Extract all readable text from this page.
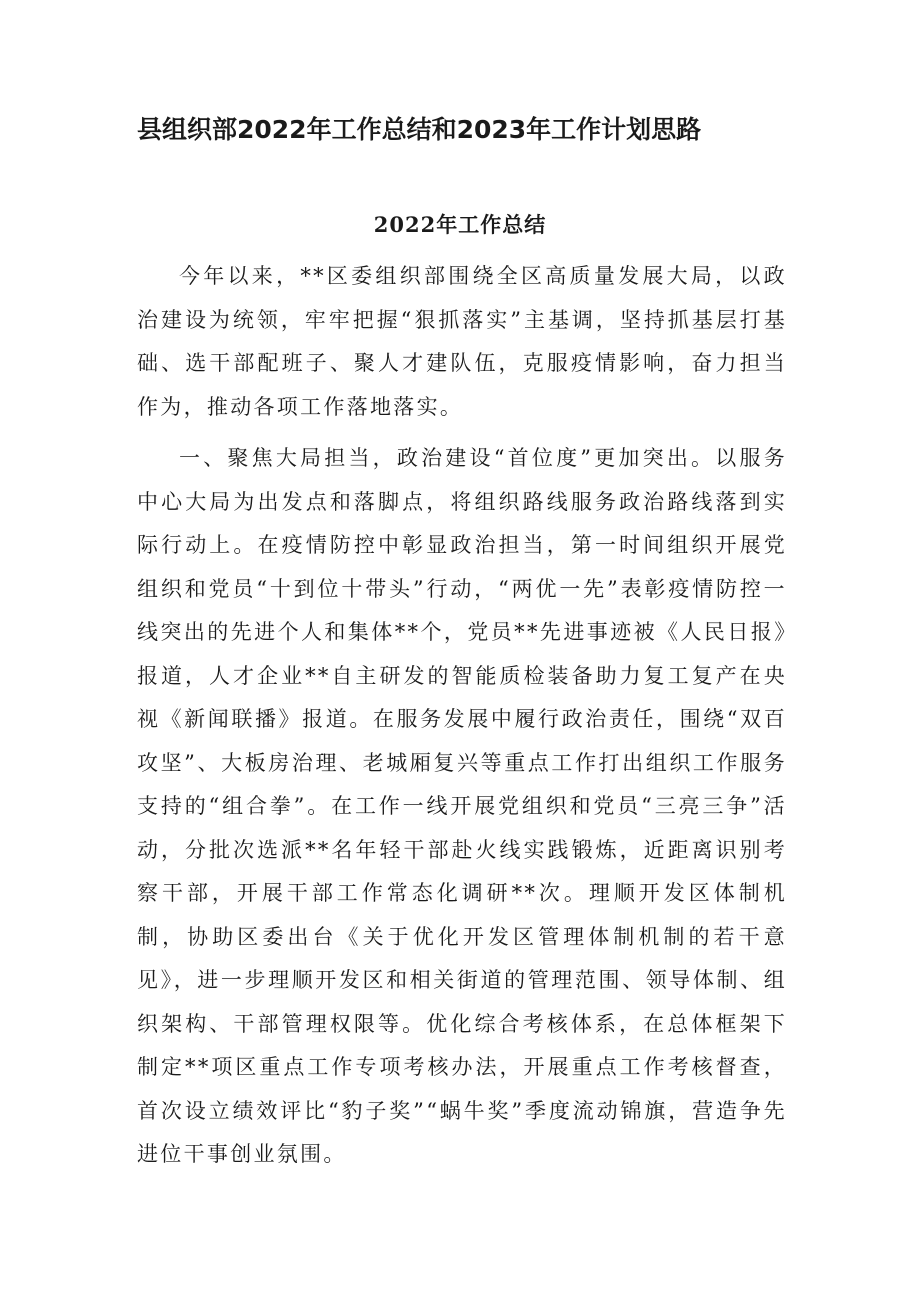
县组织部2022年工作总结和2023年工作计划思路
2022年工作总结

今年以来，**区委组织部围绕全区高质量发展大局，以政治建设为统领，牢牢把握“狠抓落实”主基调，坚持抓基层打基础、选干部配班子、聚人才建队伍，克服疫情影响，奋力担当作为，推动各项工作落地落实。

一、聚焦大局担当，政治建设“首位度”更加突出。以服务中心大局为出发点和落脚点，将组织路线服务政治路线落到实际行动上。在疫情防控中彰显政治担当，第一时间组织开展党组织和党员“十到位十带头”行动，“两优一先”表彰疫情防控一线突出的先进个人和集体**个，党员**先进事迹被《人民日报》报道，人才企业**自主研发的智能质检装备助力复工复产在央视《新闻联播》报道。在服务发展中履行政治责任，围绕“双百攻坚”、大板房治理、老城厢复兴等重点工作打出组织工作服务支持的“组合拳”。在工作一线开展党组织和党员“三亮三争”活动，分批次选派**名年轻干部赴火线实践锻炼，近距离识别考察干部，开展干部工作常态化调研**次。理顺开发区体制机制，协助区委出台《关于优化开发区管理体制机制的若干意见》，进一步理顺开发区和相关街道的管理范围、领导体制、组织架构、干部管理权限等。优化综合考核体系，在总体框架下制定**项区重点工作专项考核办法，开展重点工作考核督查，首次设立绩效评比“豹子奖”“蜗牛奖”季度流动锦旗，营造争先进位干事创业氛围。
